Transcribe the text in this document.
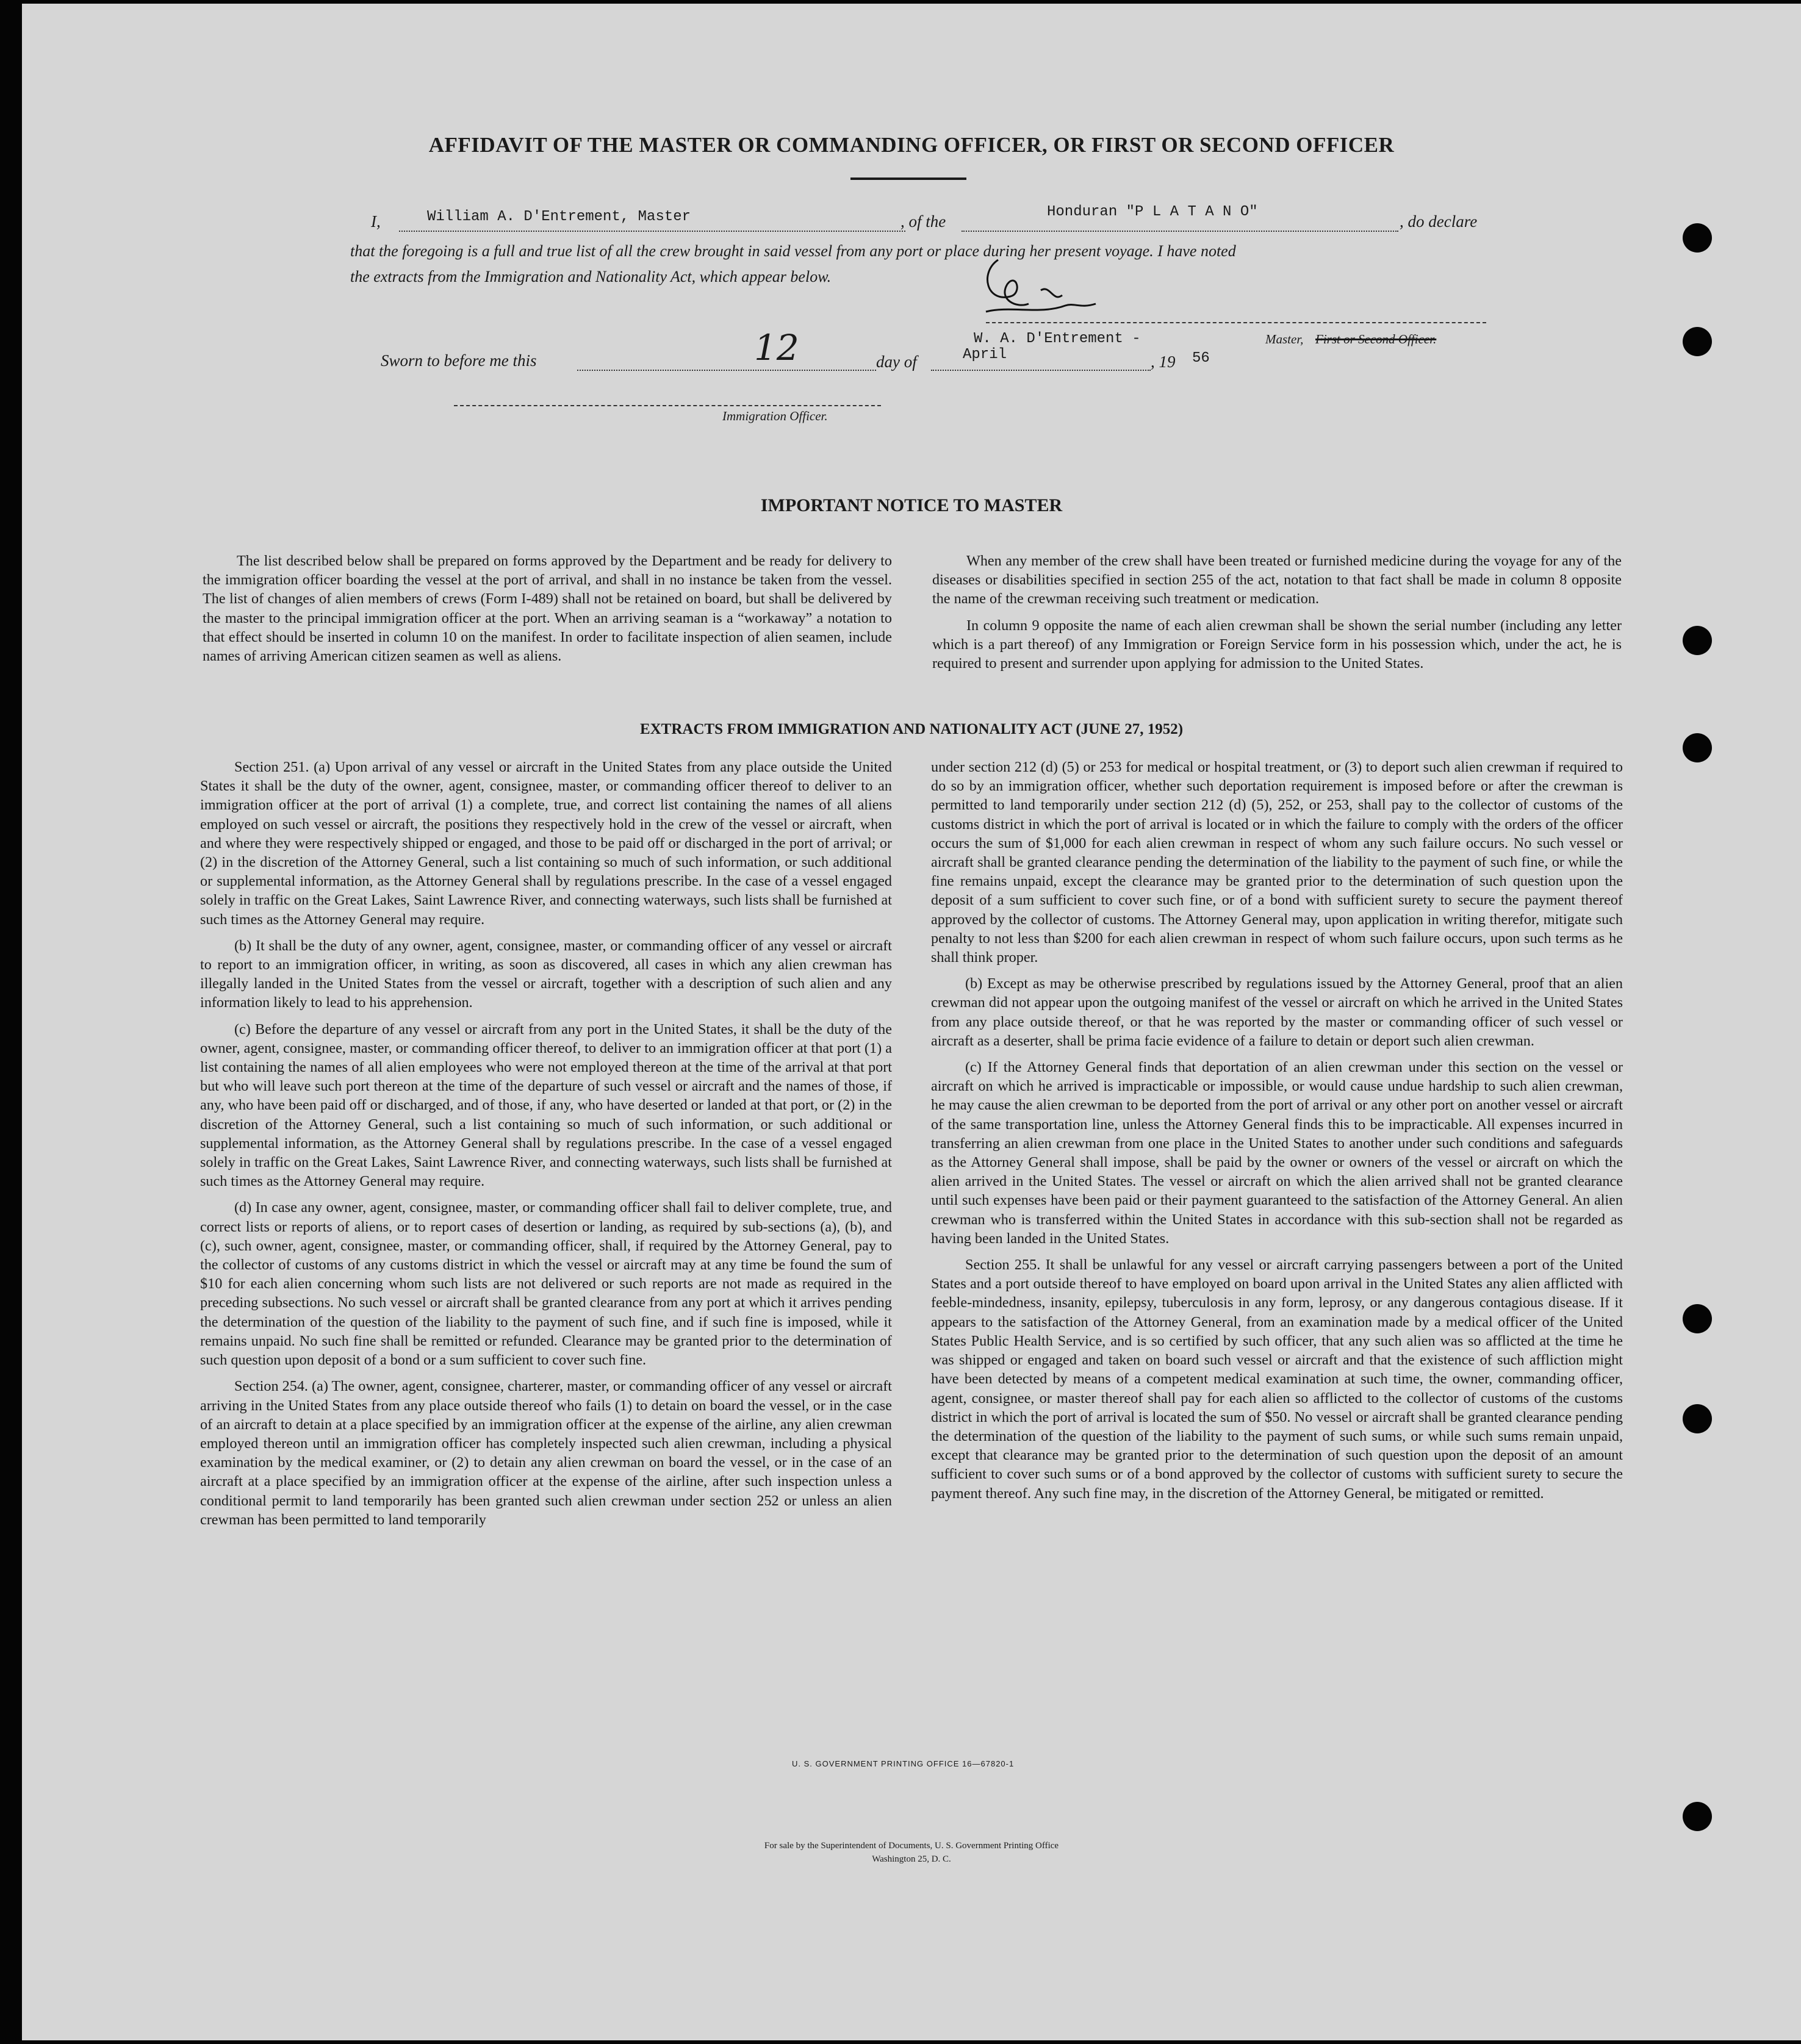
AFFIDAVIT OF THE MASTER OR COMMANDING OFFICER, OR FIRST OR SECOND OFFICER
I,	William A. D'Entrement, Master	, of the
Honduran "P L A T A N O"
, do declare
that the foregoing is a full and true list of all the crew brought in said vessel from any port or place during her present voyage. I have noted
the extracts from the Immigration and Nationality Act, which appear below.
Sworn to before me this	12	day of	April	, 19 56
W. A. D'Entrement -	Master, First or Second Officer.
Immigration Officer.
IMPORTANT NOTICE TO MASTER

The list described below shall be prepared on forms approved by the Department and be ready for delivery to the immigration officer boarding the vessel at the port of arrival, and shall in no instance be taken from the vessel. The list of changes of alien members of crews (Form I-489) shall not be retained on board, but shall be delivered by the master to the principal immigration officer at the port. When an arriving seaman is a “workaway” a notation to that effect should be inserted in column 10 on the manifest. In order to facilitate inspection of alien seamen, include names of arriving American citizen seamen as well as aliens.

When any member of the crew shall have been treated or furnished medicine during the voyage for any of the diseases or disabilities specified in section 255 of the act, notation to that fact shall be made in column 8 opposite the name of the crewman receiving such treatment or medication.

In column 9 opposite the name of each alien crewman shall be shown the serial number (including any letter which is a part thereof) of any Immigration or Foreign Service form in his possession which, under the act, he is required to present and surrender upon applying for admission to the United States.

EXTRACTS FROM IMMIGRATION AND NATIONALITY ACT (JUNE 27, 1952)

Section 251. (a) Upon arrival of any vessel or aircraft in the United States from any place outside the United States it shall be the duty of the owner, agent, consignee, master, or commanding officer thereof to deliver to an immigration officer at the port of arrival (1) a complete, true, and correct list containing the names of all aliens employed on such vessel or aircraft, the positions they respectively hold in the crew of the vessel or aircraft, when and where they were respectively shipped or engaged, and those to be paid off or discharged in the port of arrival; or (2) in the discretion of the Attorney General, such a list containing so much of such information, or such additional or supplemental information, as the Attorney General shall by regulations prescribe. In the case of a vessel engaged solely in traffic on the Great Lakes, Saint Lawrence River, and connecting waterways, such lists shall be furnished at such times as the Attorney General may require.

(b) It shall be the duty of any owner, agent, consignee, master, or commanding officer of any vessel or aircraft to report to an immigration officer, in writing, as soon as discovered, all cases in which any alien crewman has illegally landed in the United States from the vessel or aircraft, together with a description of such alien and any information likely to lead to his apprehension.

(c) Before the departure of any vessel or aircraft from any port in the United States, it shall be the duty of the owner, agent, consignee, master, or commanding officer thereof, to deliver to an immigration officer at that port (1) a list containing the names of all alien employees who were not employed thereon at the time of the arrival at that port but who will leave such port thereon at the time of the departure of such vessel or aircraft and the names of those, if any, who have been paid off or discharged, and of those, if any, who have deserted or landed at that port, or (2) in the discretion of the Attorney General, such a list containing so much of such information, or such additional or supplemental information, as the Attorney General shall by regulations prescribe. In the case of a vessel engaged solely in traffic on the Great Lakes, Saint Lawrence River, and connecting waterways, such lists shall be furnished at such times as the Attorney General may require.

(d) In case any owner, agent, consignee, master, or commanding officer shall fail to deliver complete, true, and correct lists or reports of aliens, or to report cases of desertion or landing, as required by sub-sections (a), (b), and (c), such owner, agent, consignee, master, or commanding officer, shall, if required by the Attorney General, pay to the collector of customs of any customs district in which the vessel or aircraft may at any time be found the sum of $10 for each alien concerning whom such lists are not delivered or such reports are not made as required in the preceding subsections. No such vessel or aircraft shall be granted clearance from any port at which it arrives pending the determination of the question of the liability to the payment of such fine, and if such fine is imposed, while it remains unpaid. No such fine shall be remitted or refunded. Clearance may be granted prior to the determination of such question upon deposit of a bond or a sum sufficient to cover such fine.

Section 254. (a) The owner, agent, consignee, charterer, master, or commanding officer of any vessel or aircraft arriving in the United States from any place outside thereof who fails (1) to detain on board the vessel, or in the case of an aircraft to detain at a place specified by an immigration officer at the expense of the airline, any alien crewman employed thereon until an immigration officer has completely inspected such alien crewman, including a physical examination by the medical examiner, or (2) to detain any alien crewman on board the vessel, or in the case of an aircraft at a place specified by an immigration officer at the expense of the airline, after such inspection unless a conditional permit to land temporarily has been granted such alien crewman under section 252 or unless an alien crewman has been permitted to land temporarily

under section 212 (d) (5) or 253 for medical or hospital treatment, or (3) to deport such alien crewman if required to do so by an immigration officer, whether such deportation requirement is imposed before or after the crewman is permitted to land temporarily under section 212 (d) (5), 252, or 253, shall pay to the collector of customs of the customs district in which the port of arrival is located or in which the failure to comply with the orders of the officer occurs the sum of $1,000 for each alien crewman in respect of whom any such failure occurs. No such vessel or aircraft shall be granted clearance pending the determination of the liability to the payment of such fine, or while the fine remains unpaid, except the clearance may be granted prior to the determination of such question upon the deposit of a sum sufficient to cover such fine, or of a bond with sufficient surety to secure the payment thereof approved by the collector of customs. The Attorney General may, upon application in writing therefor, mitigate such penalty to not less than $200 for each alien crewman in respect of whom such failure occurs, upon such terms as he shall think proper.

(b) Except as may be otherwise prescribed by regulations issued by the Attorney General, proof that an alien crewman did not appear upon the outgoing manifest of the vessel or aircraft on which he arrived in the United States from any place outside thereof, or that he was reported by the master or commanding officer of such vessel or aircraft as a deserter, shall be prima facie evidence of a failure to detain or deport such alien crewman.

(c) If the Attorney General finds that deportation of an alien crewman under this section on the vessel or aircraft on which he arrived is impracticable or impossible, or would cause undue hardship to such alien crewman, he may cause the alien crewman to be deported from the port of arrival or any other port on another vessel or aircraft of the same transportation line, unless the Attorney General finds this to be impracticable. All expenses incurred in transferring an alien crewman from one place in the United States to another under such conditions and safeguards as the Attorney General shall impose, shall be paid by the owner or owners of the vessel or aircraft on which the alien arrived in the United States. The vessel or aircraft on which the alien arrived shall not be granted clearance until such expenses have been paid or their payment guaranteed to the satisfaction of the Attorney General. An alien crewman who is transferred within the United States in accordance with this sub-section shall not be regarded as having been landed in the United States.

Section 255. It shall be unlawful for any vessel or aircraft carrying passengers between a port of the United States and a port outside thereof to have employed on board upon arrival in the United States any alien afflicted with feeble-mindedness, insanity, epilepsy, tuberculosis in any form, leprosy, or any dangerous contagious disease. If it appears to the satisfaction of the Attorney General, from an examination made by a medical officer of the United States Public Health Service, and is so certified by such officer, that any such alien was so afflicted at the time he was shipped or engaged and taken on board such vessel or aircraft and that the existence of such affliction might have been detected by means of a competent medical examination at such time, the owner, commanding officer, agent, consignee, or master thereof shall pay for each alien so afflicted to the collector of customs of the customs district in which the port of arrival is located the sum of $50. No vessel or aircraft shall be granted clearance pending the determination of the question of the liability to the payment of such sums, or while such sums remain unpaid, except that clearance may be granted prior to the determination of such question upon the deposit of an amount sufficient to cover such sums or of a bond approved by the collector of customs with sufficient surety to secure the payment thereof. Any such fine may, in the discretion of the Attorney General, be mitigated or remitted.

U. S. GOVERNMENT PRINTING OFFICE 16—67820-1
For sale by the Superintendent of Documents, U. S. Government Printing Office
Washington 25, D. C.
